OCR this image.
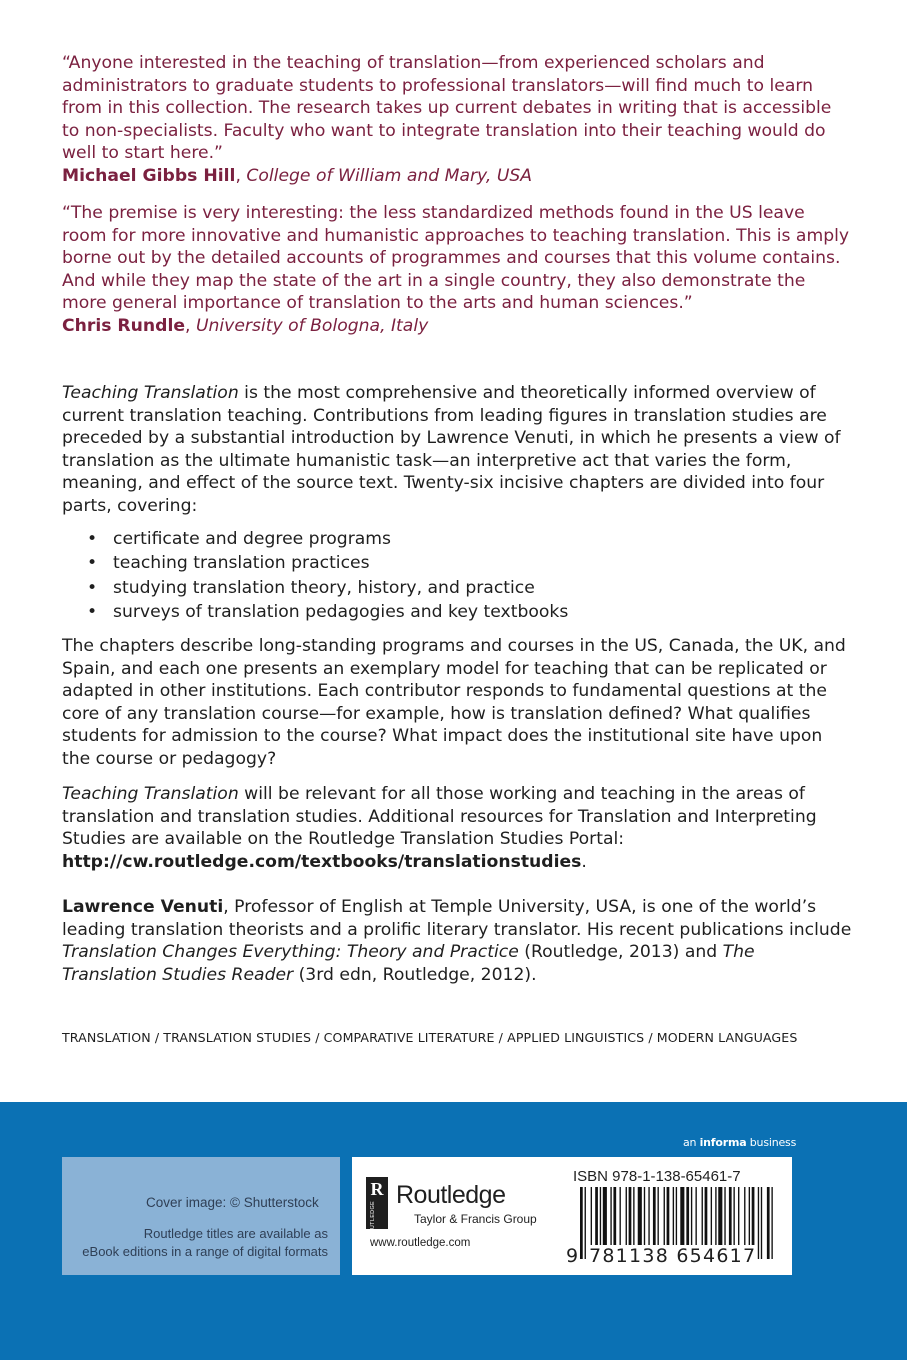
“Anyone interested in the teaching of translation—from experienced scholars and administrators to graduate students to professional translators—will find much to learn from in this collection. The research takes up current debates in writing that is accessible to non-specialists. Faculty who want to integrate translation into their teaching would do well to start here.”

Michael Gibbs Hill, College of William and Mary, USA

“The premise is very interesting: the less standardized methods found in the US leave room for more innovative and humanistic approaches to teaching translation. This is amply borne out by the detailed accounts of programmes and courses that this volume contains. And while they map the state of the art in a single country, they also demonstrate the more general importance of translation to the arts and human sciences.”

Chris Rundle, University of Bologna, Italy

Teaching Translation is the most comprehensive and theoretically informed overview of current translation teaching. Contributions from leading figures in translation studies are preceded by a substantial introduction by Lawrence Venuti, in which he presents a view of translation as the ultimate humanistic task—an interpretive act that varies the form, meaning, and effect of the source text. Twenty-six incisive chapters are divided into four parts, covering:

• certificate and degree programs
• teaching translation practices
• studying translation theory, history, and practice
• surveys of translation pedagogies and key textbooks

The chapters describe long-standing programs and courses in the US, Canada, the UK, and Spain, and each one presents an exemplary model for teaching that can be replicated or adapted in other institutions. Each contributor responds to fundamental questions at the core of any translation course—for example, how is translation defined? What qualifies students for admission to the course? What impact does the institutional site have upon the course or pedagogy?

Teaching Translation will be relevant for all those working and teaching in the areas of translation and translation studies. Additional resources for Translation and Interpreting Studies are available on the Routledge Translation Studies Portal: http://cw.routledge.com/textbooks/translationstudies.

Lawrence Venuti, Professor of English at Temple University, USA, is one of the world’s leading translation theorists and a prolific literary translator. His recent publications include Translation Changes Everything: Theory and Practice (Routledge, 2013) and The Translation Studies Reader (3rd edn, Routledge, 2012).

TRANSLATION / TRANSLATION STUDIES / COMPARATIVE LITERATURE / APPLIED LINGUISTICS / MODERN LANGUAGES
an informa business
Cover image: © Shutterstock
Routledge titles are available as
eBook editions in a range of digital formats
R
ROUTLEDGE
Routledge
Taylor & Francis Group
www.routledge.com
ISBN 978-1-138-65461-7
9 781138 654617
